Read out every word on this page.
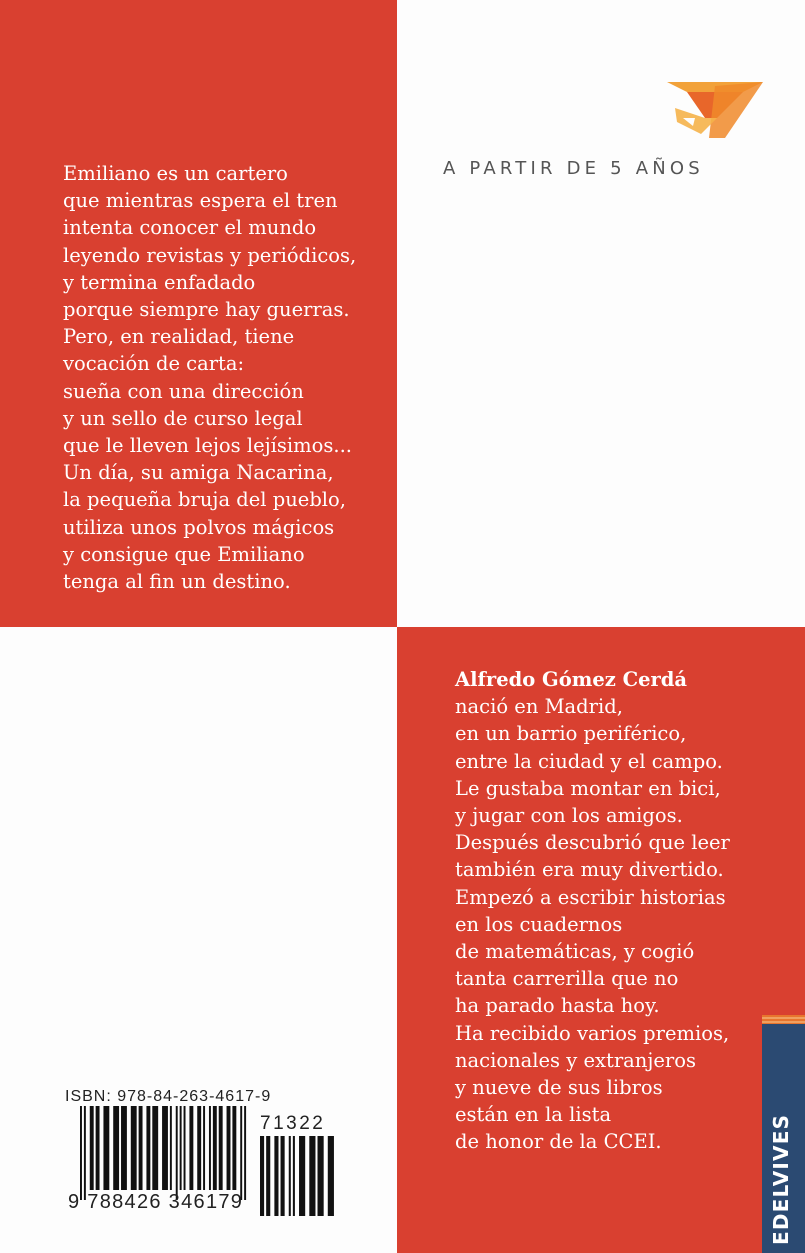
A PARTIR DE 5 AÑOS
Emiliano es un cartero
que mientras espera el tren
intenta conocer el mundo
leyendo revistas y periódicos,
y termina enfadado
porque siempre hay guerras.
Pero, en realidad, tiene
vocación de carta:
sueña con una dirección
y un sello de curso legal
que le lleven lejos lejísimos...
Un día, su amiga Nacarina,
la pequeña bruja del pueblo,
utiliza unos polvos mágicos
y consigue que Emiliano
tenga al fin un destino.
Alfredo Gómez Cerdá
nació en Madrid,
en un barrio periférico,
entre la ciudad y el campo.
Le gustaba montar en bici,
y jugar con los amigos.
Después descubrió que leer
también era muy divertido.
Empezó a escribir historias
en los cuadernos
de matemáticas, y cogió
tanta carrerilla que no
ha parado hasta hoy.
Ha recibido varios premios,
nacionales y extranjeros
y nueve de sus libros
están en la lista
de honor de la CCEI.
ISBN: 978-84-263-4617-9
9 788426 346179
71322	EDELVIVES
